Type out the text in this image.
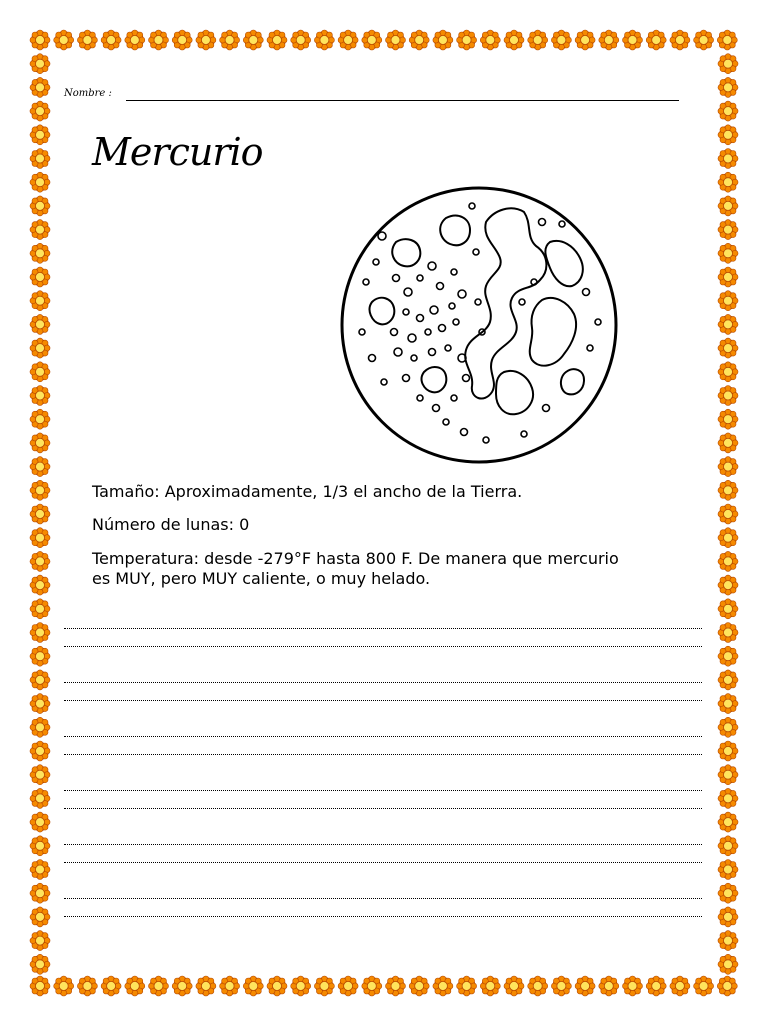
Nombre :
Mercurio

Tamaño: Aproximadamente, 1/3 el ancho de la Tierra.

Número de lunas: 0

Temperatura: desde -279°F hasta 800 F. De manera que mercurio es MUY, pero MUY caliente, o muy helado.
